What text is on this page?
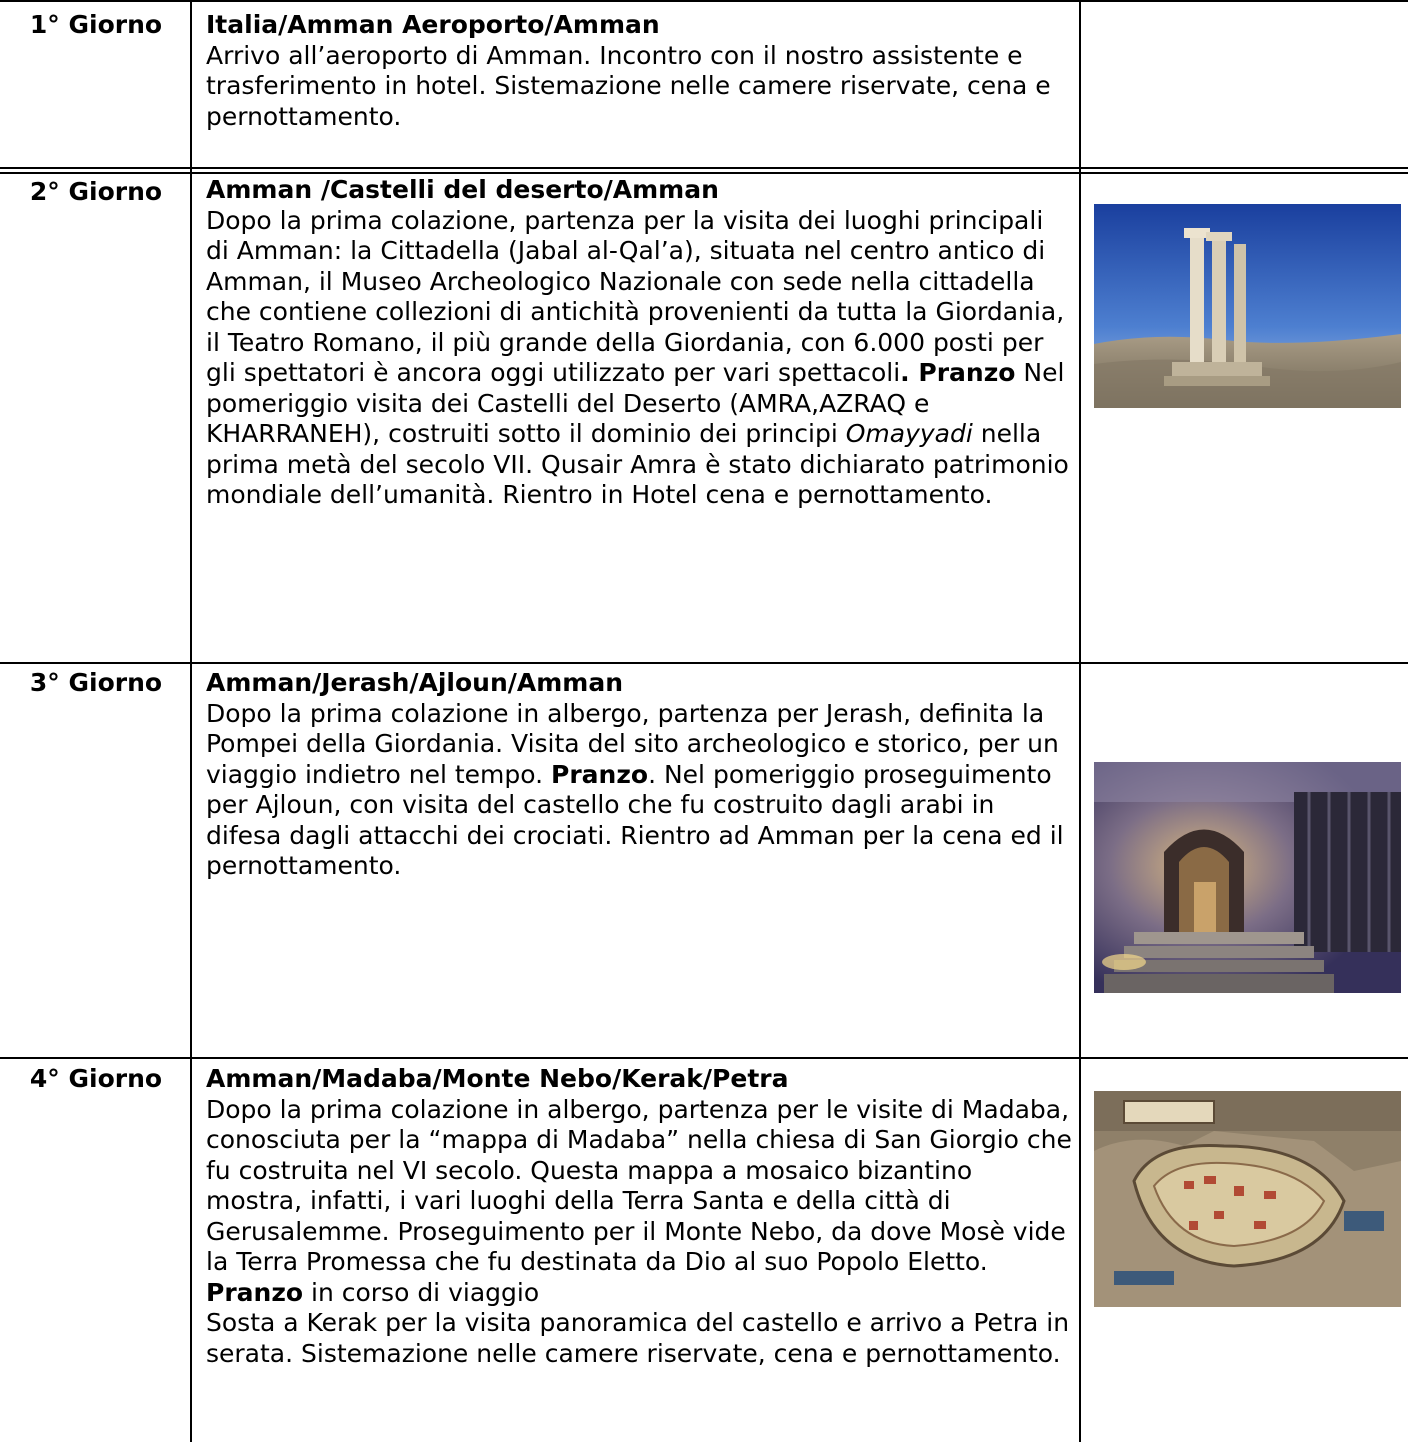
1° Giorno	Italia/Amman Aeroporto/Amman

Arrivo all’aeroporto di Amman. Incontro con il nostro assistente e trasferimento in hotel. Sistemazione nelle camere riservate, cena e pernottamento.

2° Giorno	Amman /Castelli del deserto/Amman

Dopo la prima colazione, partenza per la visita dei luoghi principali di Amman: la Cittadella (Jabal al-Qal’a), situata nel centro antico di Amman, il Museo Archeologico Nazionale con sede nella cittadella che contiene collezioni di antichità provenienti da tutta la Giordania, il Teatro Romano, il più grande della Giordania, con 6.000 posti per gli spettatori è ancora oggi utilizzato per vari spettacoli. Pranzo Nel pomeriggio visita dei Castelli del Deserto (AMRA,AZRAQ e KHARRANEH), costruiti sotto il dominio dei principi Omayyadi nella prima metà del secolo VII. Qusair Amra è stato dichiarato patrimonio mondiale dell’umanità. Rientro in Hotel cena e pernottamento.

3° Giorno	Amman/Jerash/Ajloun/Amman

Dopo la prima colazione in albergo, partenza per Jerash, definita la Pompei della Giordania. Visita del sito archeologico e storico, per un viaggio indietro nel tempo. Pranzo. Nel pomeriggio proseguimento per Ajloun, con visita del castello che fu costruito dagli arabi in difesa dagli attacchi dei crociati. Rientro ad Amman per la cena ed il pernottamento.

4° Giorno	Amman/Madaba/Monte Nebo/Kerak/Petra

Dopo la prima colazione in albergo, partenza per le visite di Madaba, conosciuta per la “mappa di Madaba” nella chiesa di San Giorgio che fu costruita nel VI secolo. Questa mappa a mosaico bizantino mostra, infatti, i vari luoghi della Terra Santa e della città di Gerusalemme. Proseguimento per il Monte Nebo, da dove Mosè vide la Terra Promessa che fu destinata da Dio al suo Popolo Eletto. Pranzo in corso di viaggio

Sosta a Kerak per la visita panoramica del castello e arrivo a Petra in serata. Sistemazione nelle camere riservate, cena e pernottamento.
